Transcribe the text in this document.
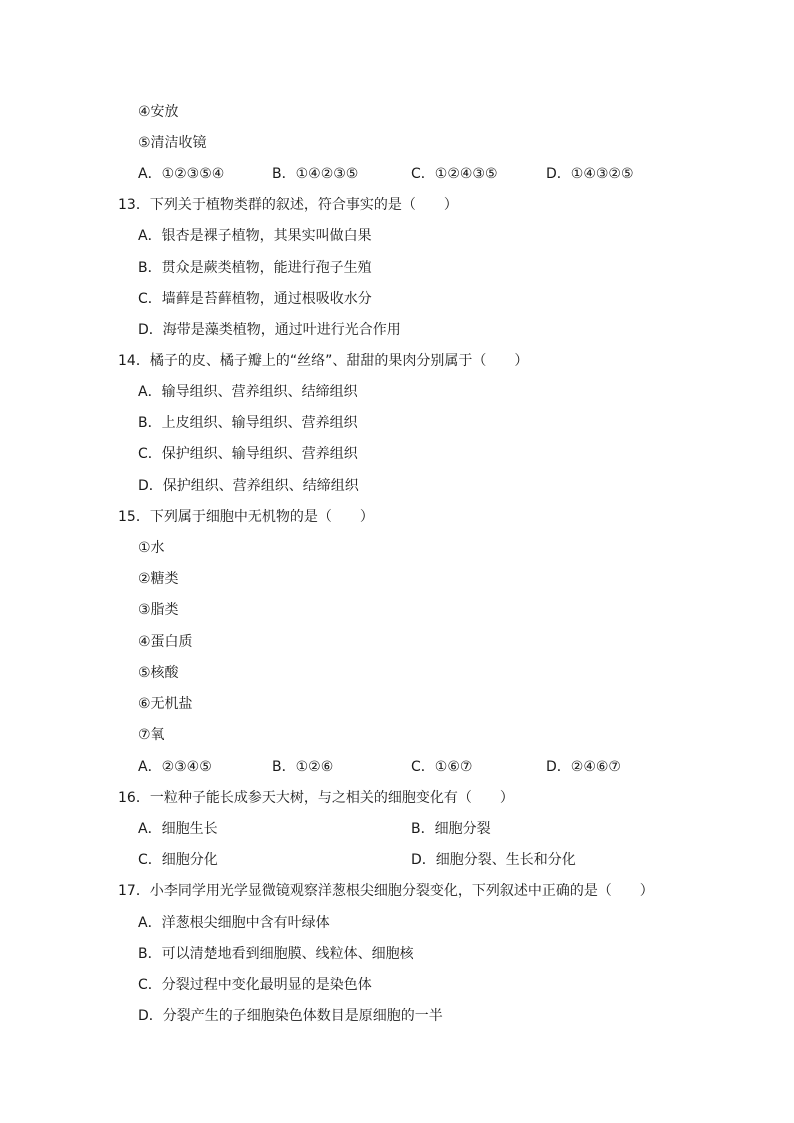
④安放
⑤清洁收镜
A．①②③⑤④	B．①④②③⑤	C．①②④③⑤	D．①④③②⑤
13．下列关于植物类群的叙述，符合事实的是（　　）
A．银杏是裸子植物，其果实叫做白果
B．贯众是蕨类植物，能进行孢子生殖
C．墙藓是苔藓植物，通过根吸收水分
D．海带是藻类植物，通过叶进行光合作用
14．橘子的皮、橘子瓣上的“丝络”、甜甜的果肉分别属于（　　）
A．输导组织、营养组织、结缔组织
B．上皮组织、输导组织、营养组织
C．保护组织、输导组织、营养组织
D．保护组织、营养组织、结缔组织
15．下列属于细胞中无机物的是（　　）
①水
②糖类
③脂类
④蛋白质
⑤核酸
⑥无机盐
⑦氧
A．②③④⑤	B．①②⑥	C．①⑥⑦	D．②④⑥⑦
16．一粒种子能长成参天大树，与之相关的细胞变化有（　　）
A．细胞生长	B．细胞分裂
C．细胞分化	D．细胞分裂、生长和分化
17．小李同学用光学显微镜观察洋葱根尖细胞分裂变化，下列叙述中正确的是（　　）
A．洋葱根尖细胞中含有叶绿体
B．可以清楚地看到细胞膜、线粒体、细胞核
C．分裂过程中变化最明显的是染色体
D．分裂产生的子细胞染色体数目是原细胞的一半
